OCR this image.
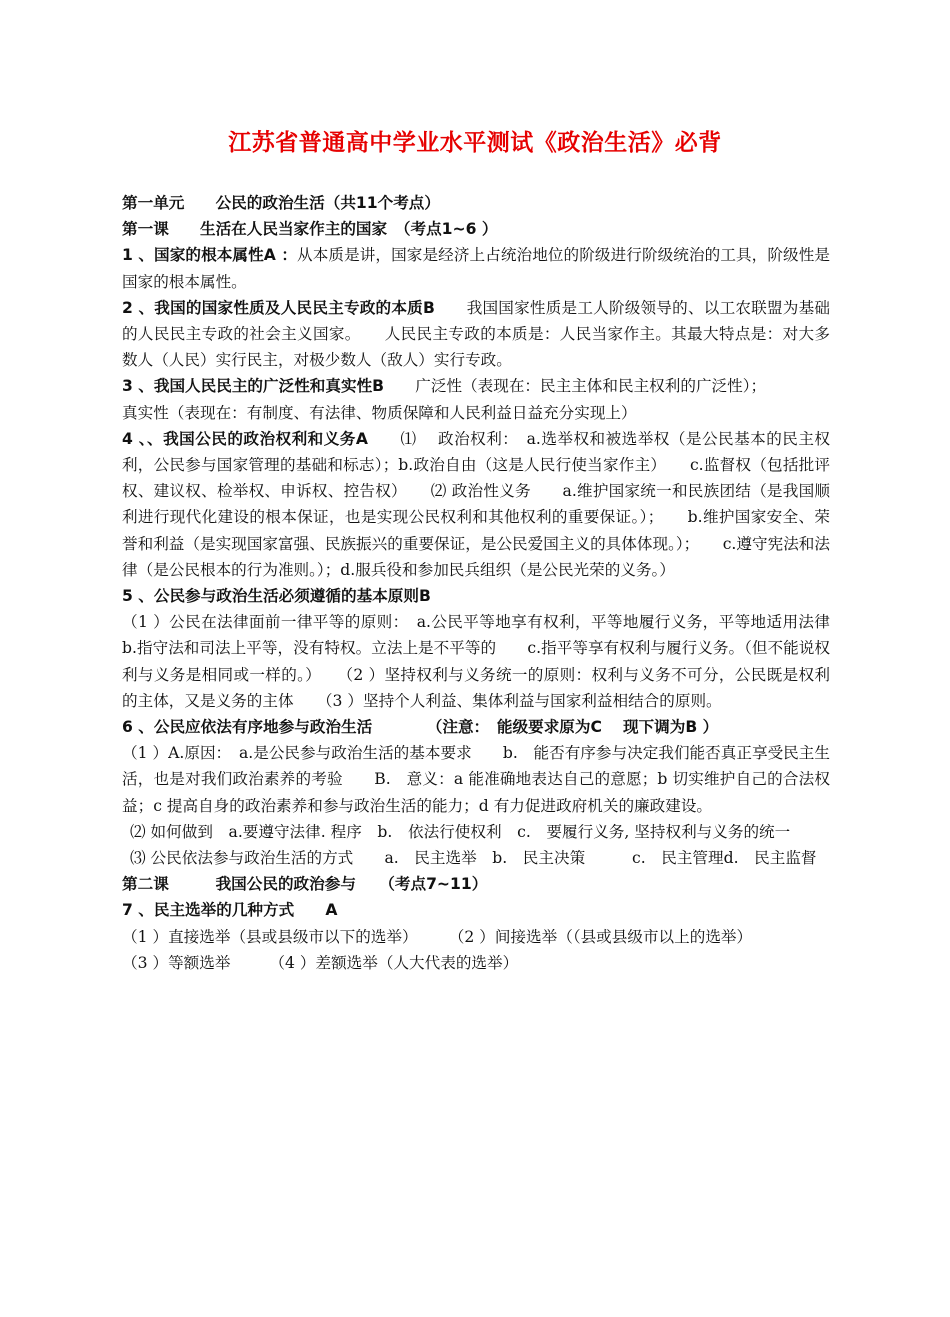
江苏省普通高中学业水平测试《政治生活》必背

第一单元　　公民的政治生活（共11个考点）

第一课　　生活在人民当家作主的国家　（考点1~6 ）

1 、国家的根本属性A ：从本质是讲，国家是经济上占统治地位的阶级进行阶级统治的工具，阶级性是国家的根本属性。

2 、我国的国家性质及人民民主专政的本质B　　我国国家性质是工人阶级领导的、以工农联盟为基础的人民民主专政的社会主义国家。　　人民民主专政的本质是：人民当家作主。其最大特点是：对大多数人（人民）实行民主，对极少数人（敌人）实行专政。

3 、我国人民民主的广泛性和真实性B　　广泛性（表现在：民主主体和民主权利的广泛性）；

真实性（表现在：有制度、有法律、物质保障和人民利益日益充分实现上）

4 、、我国公民的政治权利和义务A　　⑴　 政治权利：　a.选举权和被选举权（是公民基本的民主权利，公民参与国家管理的基础和标志）；b.政治自由（这是人民行使当家作主）　　c.监督权（包括批评权、建议权、检举权、申诉权、控告权）　　⑵ 政治性义务　　a.维护国家统一和民族团结（是我国顺利进行现代化建设的根本保证，也是实现公民权利和其他权利的重要保证。）；　　b.维护国家安全、荣誉和利益（是实现国家富强、民族振兴的重要保证，是公民爱国主义的具体体现。）；　　c.遵守宪法和法律（是公民根本的行为准则。）；d.服兵役和参加民兵组织（是公民光荣的义务。）

5 、公民参与政治生活必须遵循的基本原则B

（1 ）公民在法律面前一律平等的原则：　a.公民平等地享有权利，平等地履行义务，平等地适用法律　　b.指守法和司法上平等，没有特权。立法上是不平等的　　c.指平等享有权利与履行义务。（但不能说权利与义务是相同或一样的。）　　（2 ）坚持权利与义务统一的原则：权利与义务不可分，公民既是权利的主体，又是义务的主体　　（3 ）坚持个人利益、集体利益与国家利益相结合的原则。

6 、公民应依法有序地参与政治生活　　　　（注意：　能级要求原为C　 现下调为B ）

（1 ）A.原因：　a.是公民参与政治生活的基本要求　　b.　能否有序参与决定我们能否真正享受民主生活，也是对我们政治素养的考验　　B.　意义：a 能准确地表达自己的意愿；b 切实维护自己的合法权益；c 提高自身的政治素养和参与政治生活的能力；d 有力促进政府机关的廉政建设。

⑵ 如何做到　a.要遵守法律. 程序　b.　依法行使权利　c.　要履行义务, 坚持权利与义务的统一

⑶ 公民依法参与政治生活的方式　　a.　民主选举　b.　民主决策　　　c.　民主管理d.　民主监督

第二课　　　我国公民的政治参与　　（考点7~11）

7 、民主选举的几种方式　　A

（1 ）直接选举（县或县级市以下的选举）　　　（2 ）间接选举（（县或县级市以上的选举）

（3 ）等额选举　　　（4 ）差额选举（人大代表的选举）
